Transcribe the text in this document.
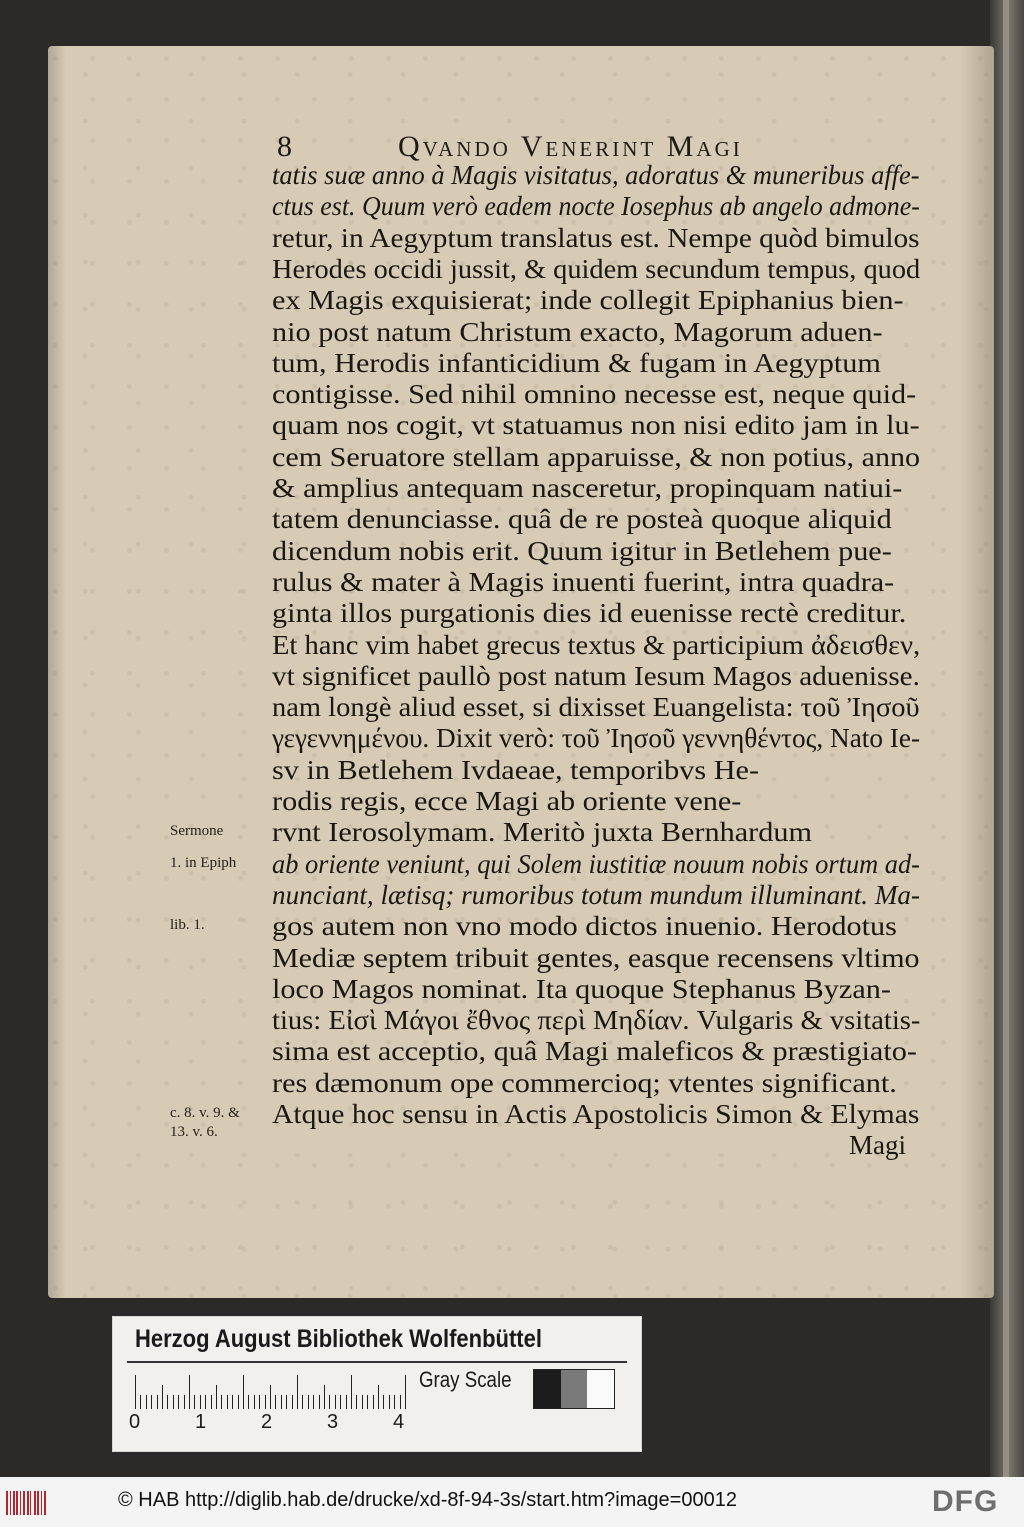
8	Qvando Venerint Magi
tatis suæ anno à Magis visitatus, adoratus & muneribus affe-
ctus est. Quum verò eadem nocte Iosephus ab angelo admone-
retur, in Aegyptum translatus est. Nempe quòd bimulos
Herodes occidi jussit, & quidem secundum tempus, quod
ex Magis exquisierat; inde collegit Epiphanius bien-
nio post natum Christum exacto, Magorum aduen-
tum, Herodis infanticidium & fugam in Aegyptum
contigisse. Sed nihil omnino necesse est, neque quid-
quam nos cogit, vt statuamus non nisi edito jam in lu-
cem Seruatore stellam apparuisse, & non potius, anno
& amplius antequam nasceretur, propinquam natiui-
tatem denunciasse. quâ de re posteà quoque aliquid
dicendum nobis erit. Quum igitur in Betlehem pue-
rulus & mater à Magis inuenti fuerint, intra quadra-
ginta illos purgationis dies id euenisse rectè creditur.
Et hanc vim habet grecus textus & participium ἀδεισθεν,
vt significet paullò post natum Iesum Magos aduenisse.
nam longè aliud esset, si dixisset Euangelista: τοῦ Ἰησοῦ
γεγεννημένου. Dixit verò: τοῦ Ἰησοῦ γεννηθέντος, Nato Ie-
sv in Betlehem Ivdaeae, temporibvs He-
rodis regis, ecce Magi ab oriente vene-
rvnt Ierosolymam. Meritò juxta Bernhardum
ab oriente veniunt, qui Solem iustitiæ nouum nobis ortum ad-
nunciant, lætisq; rumoribus totum mundum illuminant. Ma-
gos autem non vno modo dictos inuenio. Herodotus
Mediæ septem tribuit gentes, easque recensens vltimo
loco Magos nominat. Ita quoque Stephanus Byzan-
tius: Εἰσὶ Μάγοι ἔθνος περὶ Μηδίαν. Vulgaris & vsitatis-
sima est acceptio, quâ Magi maleficos & præstigiato-
res dæmonum ope commercioq; vtentes significant.
Atque hoc sensu in Actis Apostolicis Simon & Elymas
Sermone
1. in Epiph
lib. 1.
c. 8. v. 9. &
13. v. 6.	Magi
Herzog August Bibliothek Wolfenbüttel
0	1	2	3	4
Gray Scale
© HAB http://diglib.hab.de/drucke/xd-8f-94-3s/start.htm?image=00012	DFG
